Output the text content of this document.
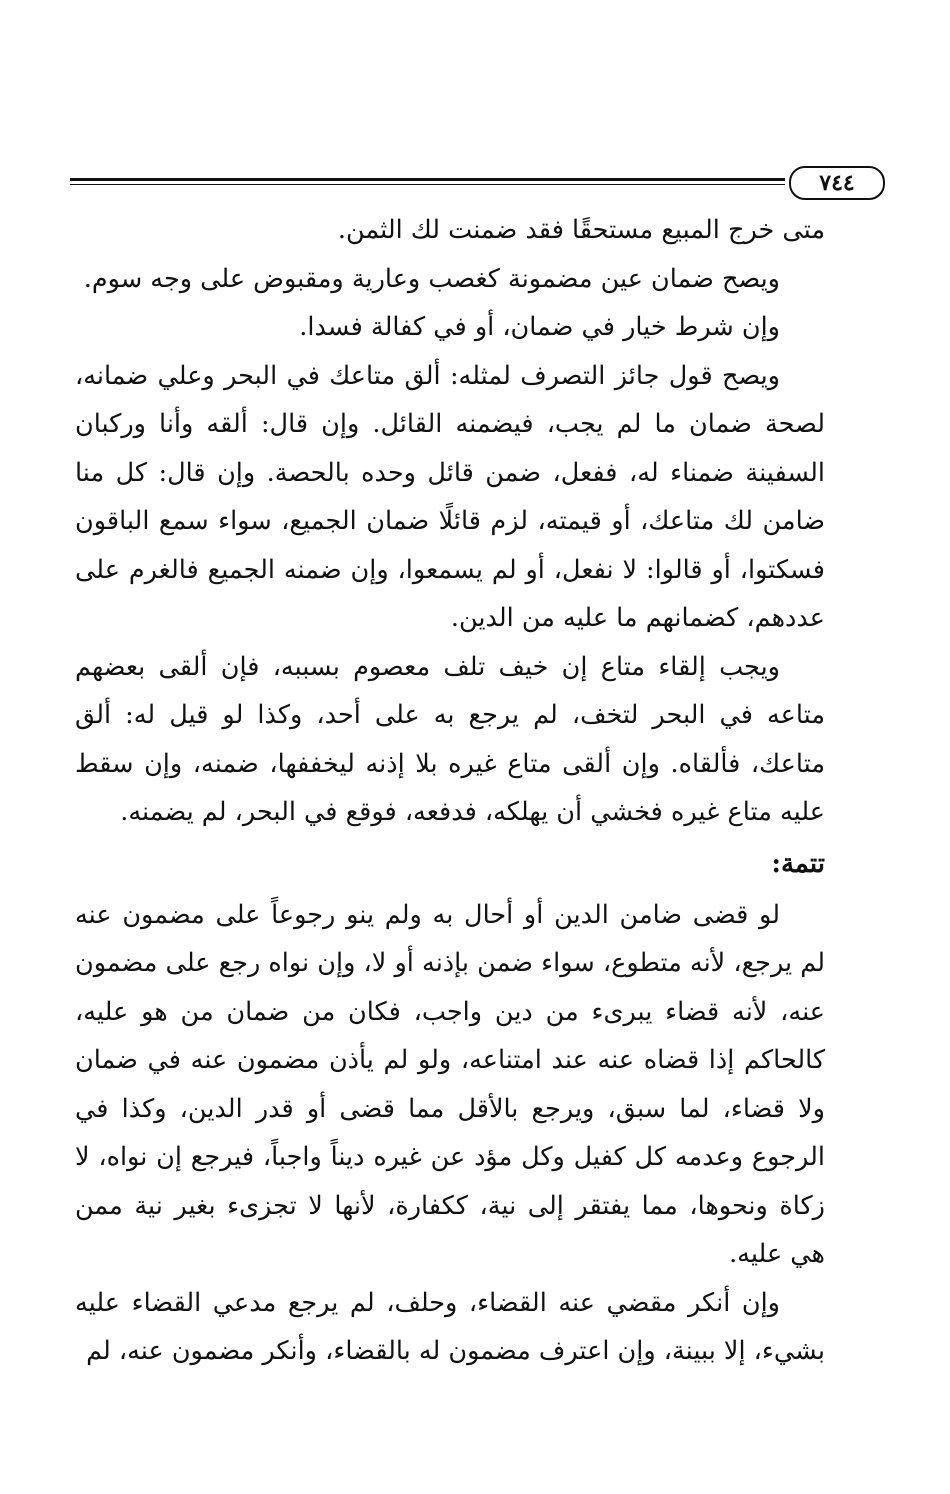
٧٤٤

متى خرج المبيع مستحقًا فقد ضمنت لك الثمن.

ويصح ضمان عين مضمونة كغصب وعارية ومقبوض على وجه سوم.

وإن شرط خيار في ضمان، أو في كفالة فسدا.

ويصح قول جائز التصرف لمثله: ألق متاعك في البحر وعلي ضمانه، لصحة ضمان ما لم يجب، فيضمنه القائل. وإن قال: ألقه وأنا وركبان السفينة ضمناء له، ففعل، ضمن قائل وحده بالحصة. وإن قال: كل منا ضامن لك متاعك، أو قيمته، لزم قائلًا ضمان الجميع، سواء سمع الباقون فسكتوا، أو قالوا: لا نفعل، أو لم يسمعوا، وإن ضمنه الجميع فالغرم على عددهم، كضمانهم ما عليه من الدين.

ويجب إلقاء متاع إن خيف تلف معصوم بسببه، فإن ألقى بعضهم متاعه في البحر لتخف، لم يرجع به على أحد، وكذا لو قيل له: ألق متاعك، فألقاه. وإن ألقى متاع غيره بلا إذنه ليخففها، ضمنه، وإن سقط عليه متاع غيره فخشي أن يهلكه، فدفعه، فوقع في البحر، لم يضمنه.

تتمة:

لو قضى ضامن الدين أو أحال به ولم ينو رجوعاً على مضمون عنه لم يرجع، لأنه متطوع، سواء ضمن بإذنه أو لا، وإن نواه رجع على مضمون عنه، لأنه قضاء يبرىء من دين واجب، فكان من ضمان من هو عليه، كالحاكم إذا قضاه عنه عند امتناعه، ولو لم يأذن مضمون عنه في ضمان ولا قضاء، لما سبق، ويرجع بالأقل مما قضى أو قدر الدين، وكذا في الرجوع وعدمه كل كفيل وكل مؤد عن غيره ديناً واجباً، فيرجع إن نواه، لا زكاة ونحوها، مما يفتقر إلى نية، ككفارة، لأنها لا تجزىء بغير نية ممن هي عليه.

وإن أنكر مقضي عنه القضاء، وحلف، لم يرجع مدعي القضاء عليه بشيء، إلا ببينة، وإن اعترف مضمون له بالقضاء، وأنكر مضمون عنه، لم
